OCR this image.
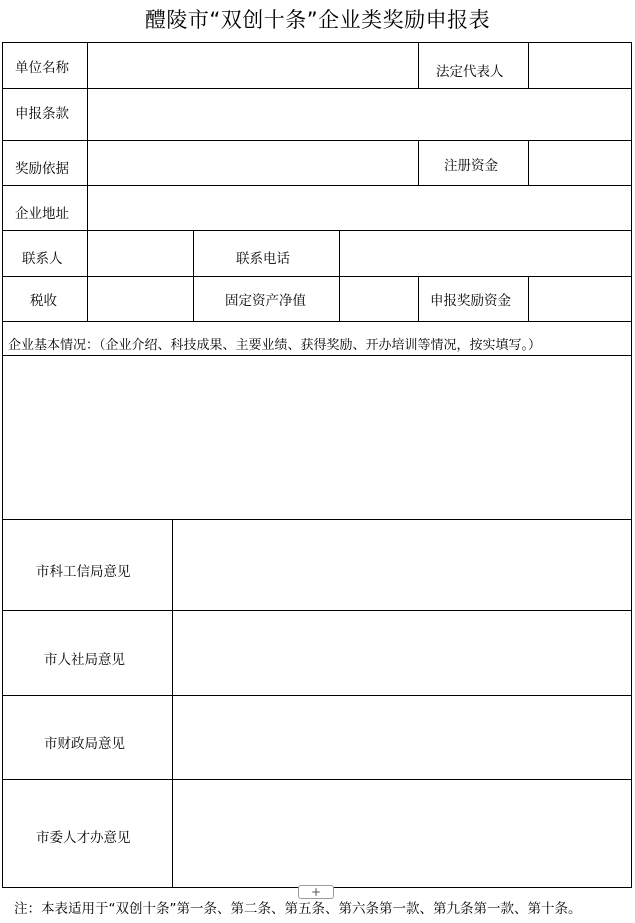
醴陵市“双创十条”企业类奖励申报表
单位名称	法定代表人
申报条款
奖励依据	注册资金
企业地址
联系人	联系电话
税收	固定资产净值	申报奖励资金
企业基本情况：（企业介绍、科技成果、主要业绩、获得奖励、开办培训等情况，按实填写。）
市科工信局意见
市人社局意见
市财政局意见
市委人才办意见
+
注：本表适用于“双创十条”第一条、第二条、第五条、第六条第一款、第九条第一款、第十条。
